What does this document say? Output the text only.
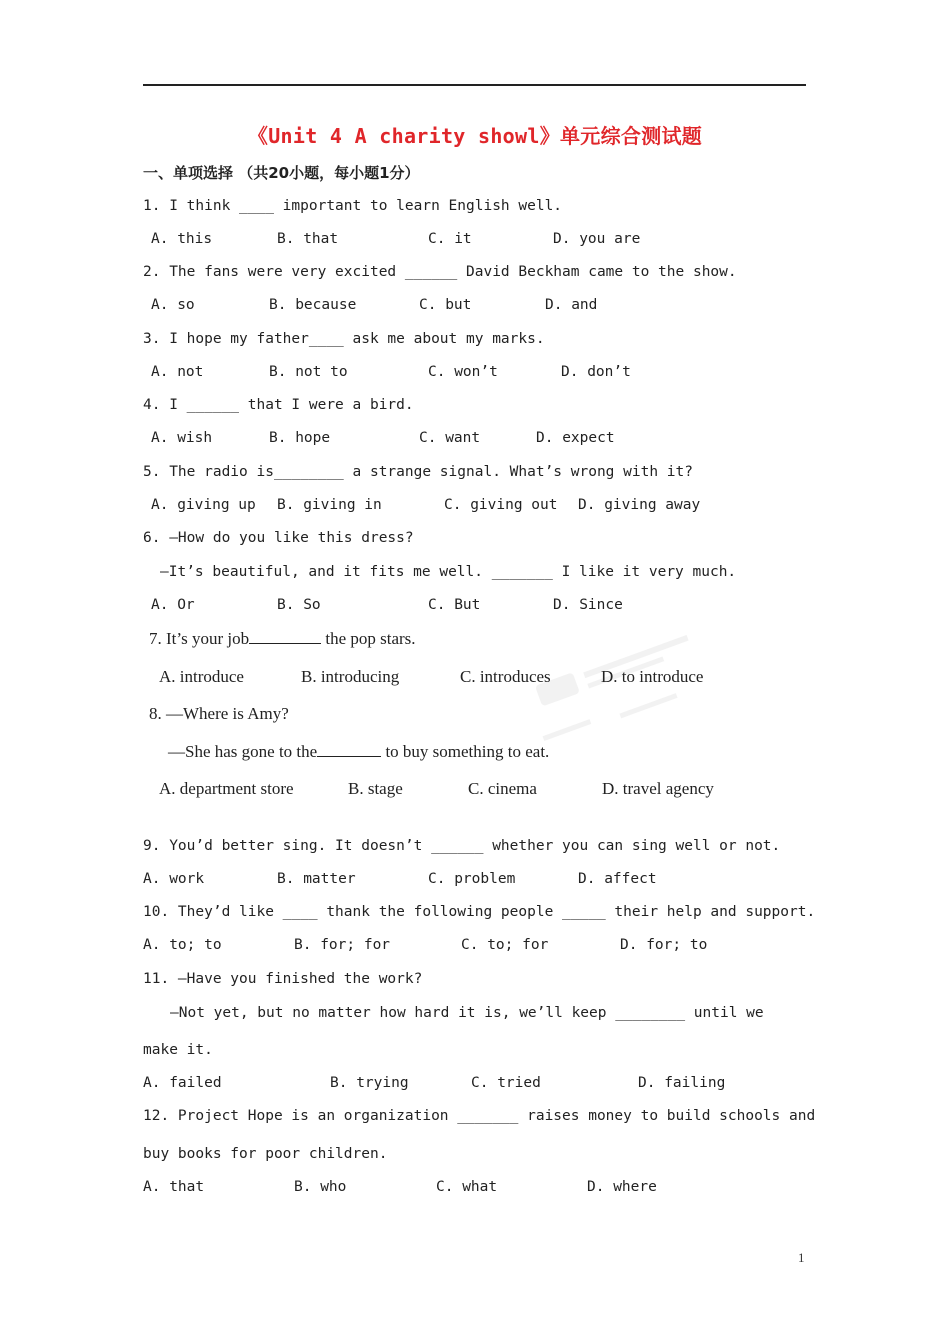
《Unit 4 A charity showl》单元综合测试题
一、单项选择 （共20小题，每小题1分）
1. I think ____ important to learn English well.

A. this

	B. that

	C. it

	D. you are

2. The fans were very excited ______ David Beckham came to the show.

A. so

	B. because

	C. but

	D. and

3. I hope my father____ ask me about my marks.

A. not

	B. not to

	C. won’t

	D. don’t

4. I ______ that I were a bird.

A. wish

	B. hope

	C. want

	D. expect

5. The radio is________ a strange signal. What’s wrong with it?

A. giving up

B. giving in

	C. giving out

D. giving away

6. —How do you like this dress?
—It’s beautiful, and it fits me well. _______ I like it very much.

A. Or

	B. So

	C. But

	D. Since

7. It’s your job	the pop stars.

A. introduce

	B. introducing

	C. introduces

	D. to introduce

8. —Where is Amy?
—She has gone to the	to buy something to eat.

A. department store

	B. stage

	C. cinema

	D. travel agency

9. You’d better sing. It doesn’t ______ whether you can sing well or not.

A. work

	B. matter

	C. problem

	D. affect

10. They’d like ____ thank the following people _____ their help and support.

A. to; to

	B. for; for

	C. to; for

	D. for; to

11. —Have you finished the work?
—Not yet, but no matter how hard it is, we’ll keep ________ until we
make it.

A. failed

	B. trying

	C. tried

	D. failing

12. Project Hope is an organization _______ raises money to build schools and
buy books for poor children.

A. that

	B. who

	C. what

	D. where

1
